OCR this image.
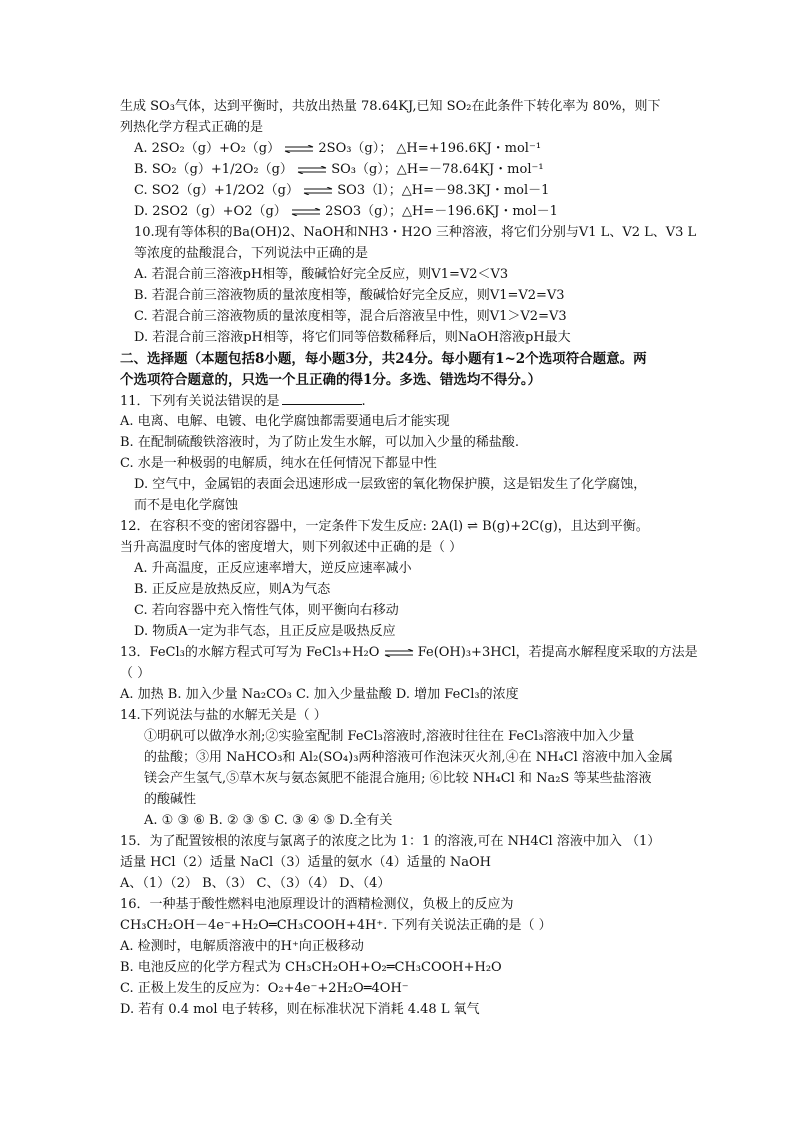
生成 SO₃气体，达到平衡时，共放出热量 78.64KJ,已知 SO₂在此条件下转化率为 80%，则下
列热化学方程式正确的是
A. 2SO₂（g）+O₂（g） ⇌ 2SO₃（g）； △H=+196.6KJ・mol⁻¹
B. SO₂（g）+1/2O₂（g） ⇌ SO₃（g）；△H=－78.64KJ・mol⁻¹
C. SO2（g）+1/2O2（g） ⇌ SO3（l）；△H=－98.3KJ・mol－1
D. 2SO2（g）+O2（g） ⇌ 2SO3（g）；△H=－196.6KJ・mol－1
10.现有等体积的Ba(OH)2、NaOH和NH3・H2O 三种溶液，将它们分别与V1 L、V2 L、V3 L
等浓度的盐酸混合，下列说法中正确的是
A. 若混合前三溶液pH相等，酸碱恰好完全反应，则V1=V2＜V3
B. 若混合前三溶液物质的量浓度相等，酸碱恰好完全反应，则V1=V2=V3
C. 若混合前三溶液物质的量浓度相等，混合后溶液呈中性，则V1＞V2=V3
D. 若混合前三溶液pH相等，将它们同等倍数稀释后，则NaOH溶液pH最大
二、选择题（本题包括8小题，每小题3分，共24分。每小题有1~2个选项符合题意。两
个选项符合题意的，只选一个且正确的得1分。多选、错选均不得分。）
11．下列有关说法错误的是	.
A. 电离、电解、电镀、电化学腐蚀都需要通电后才能实现
B. 在配制硫酸铁溶液时，为了防止发生水解，可以加入少量的稀盐酸.
C. 水是一种极弱的电解质，纯水在任何情况下都显中性
D. 空气中，金属铝的表面会迅速形成一层致密的氧化物保护膜，这是铝发生了化学腐蚀，
而不是电化学腐蚀
12．在容积不变的密闭容器中，一定条件下发生反应: 2A(l) ⇌ B(g)+2C(g)，且达到平衡。
当升高温度时气体的密度增大，则下列叙述中正确的是（ ）
A. 升高温度，正反应速率增大，逆反应速率减小
B. 正反应是放热反应，则A为气态
C. 若向容器中充入惰性气体，则平衡向右移动
D. 物质A一定为非气态，且正反应是吸热反应
13．FeCl₃的水解方程式可写为 FeCl₃+H₂O ⇌ Fe(OH)₃+3HCl，若提高水解程度采取的方法是
（ ）
A. 加热 B. 加入少量 Na₂CO₃ C. 加入少量盐酸 D. 增加 FeCl₃的浓度
14.下列说法与盐的水解无关是（ ）
①明矾可以做净水剂;②实验室配制 FeCl₃溶液时,溶液时往往在 FeCl₃溶液中加入少量
的盐酸；③用 NaHCO₃和 Al₂(SO₄)₃两种溶液可作泡沫灭火剂,④在 NH₄Cl 溶液中加入金属
镁会产生氢气,⑤草木灰与氨态氮肥不能混合施用; ⑥比较 NH₄Cl 和 Na₂S 等某些盐溶液
的酸碱性
A. ① ③ ⑥ B. ② ③ ⑤ C. ③ ④ ⑤ D.全有关
15．为了配置铵根的浓度与氯离子的浓度之比为 1：1 的溶液,可在 NH4Cl 溶液中加入 （1）
适量 HCl（2）适量 NaCl（3）适量的氨水（4）适量的 NaOH
A、（1）（2） B、（3） C、（3）（4） D、（4）
16．一种基于酸性燃料电池原理设计的酒精检测仪，负极上的反应为
CH₃CH₂OH－4e⁻+H₂O═CH₃COOH+4H⁺. 下列有关说法正确的是（ ）
A. 检测时，电解质溶液中的H⁺向正极移动
B. 电池反应的化学方程式为 CH₃CH₂OH+O₂═CH₃COOH+H₂O
C. 正极上发生的反应为：O₂+4e⁻+2H₂O═4OH⁻
D. 若有 0.4 mol 电子转移，则在标准状况下消耗 4.48 L 氧气
